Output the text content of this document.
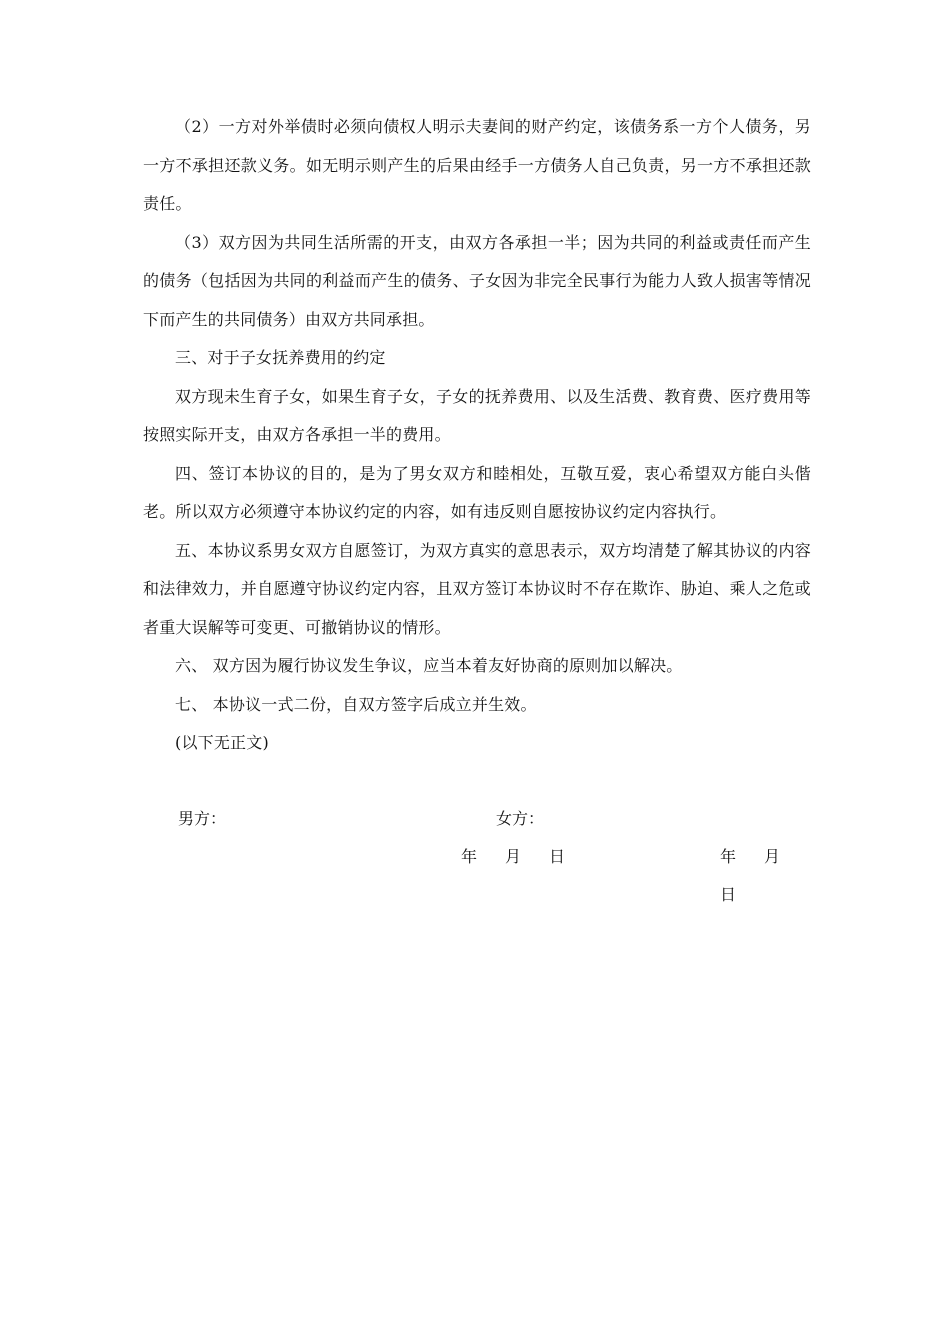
（2）一方对外举债时必须向债权人明示夫妻间的财产约定，该债务系一方个人债务，另一方不承担还款义务。如无明示则产生的后果由经手一方债务人自己负责，另一方不承担还款责任。

（3）双方因为共同生活所需的开支，由双方各承担一半；因为共同的利益或责任而产生的债务（包括因为共同的利益而产生的债务、子女因为非完全民事行为能力人致人损害等情况下而产生的共同债务）由双方共同承担。

三、对于子女抚养费用的约定

双方现未生育子女，如果生育子女，子女的抚养费用、以及生活费、教育费、医疗费用等按照实际开支，由双方各承担一半的费用。

四、签订本协议的目的，是为了男女双方和睦相处，互敬互爱，衷心希望双方能白头偕老。所以双方必须遵守本协议约定的内容，如有违反则自愿按协议约定内容执行。

五、本协议系男女双方自愿签订，为双方真实的意思表示，双方均清楚了解其协议的内容和法律效力，并自愿遵守协议约定内容，且双方签订本协议时不存在欺诈、胁迫、乘人之危或者重大误解等可变更、可撤销协议的情形。

六、 双方因为履行协议发生争议，应当本着友好协商的原则加以解决。

七、 本协议一式二份，自双方签字后成立并生效。

(以下无正文)

男方：	女方：
年 月 日	年 月日
